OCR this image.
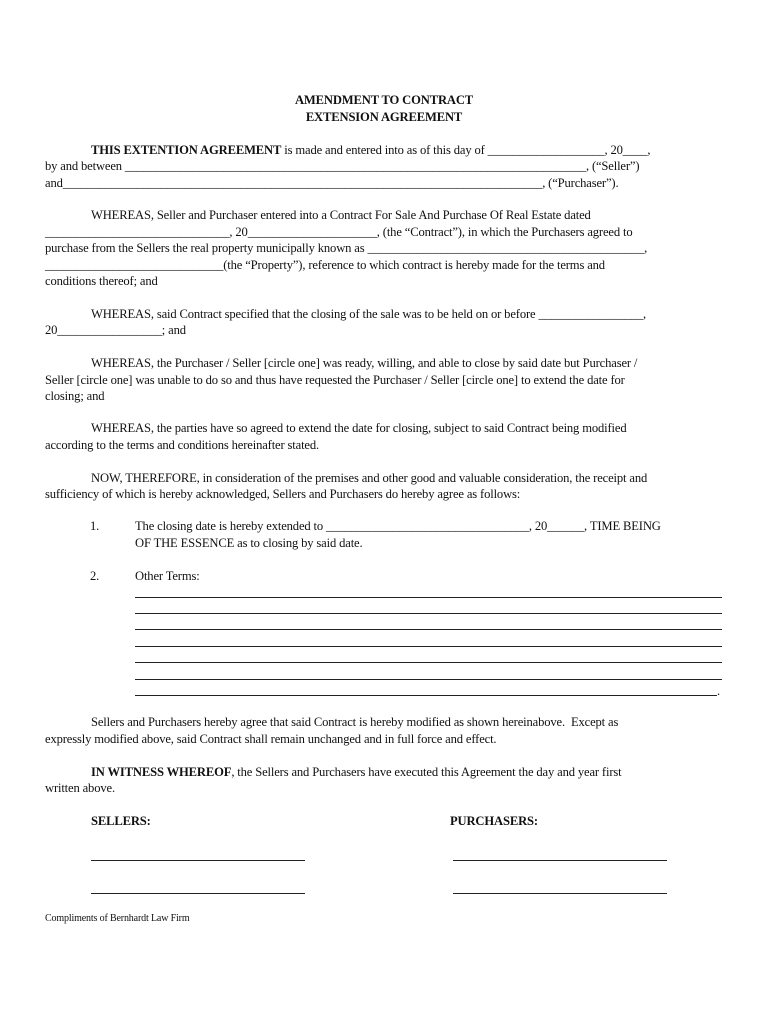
AMENDMENT TO CONTRACT
EXTENSION AGREEMENT
THIS EXTENTION AGREEMENT is made and entered into as of this day of ___________________, 20____,
by and between ___________________________________________________________________________, (“Seller”)
and______________________________________________________________________________, (“Purchaser”).
WHEREAS, Seller and Purchaser entered into a Contract For Sale And Purchase Of Real Estate dated
______________________________, 20_____________________, (the “Contract”), in which the Purchasers agreed to
purchase from the Sellers the real property municipally known as _____________________________________________,
_____________________________(the “Property”), reference to which contract is hereby made for the terms and
conditions thereof; and
WHEREAS, said Contract specified that the closing of the sale was to be held on or before _________________,
20_________________; and
WHEREAS, the Purchaser / Seller [circle one] was ready, willing, and able to close by said date but Purchaser /
Seller [circle one] was unable to do so and thus have requested the Purchaser / Seller [circle one] to extend the date for
closing; and
WHEREAS, the parties have so agreed to extend the date for closing, subject to said Contract being modified
according to the terms and conditions hereinafter stated.
NOW, THEREFORE, in consideration of the premises and other good and valuable consideration, the receipt and
sufficiency of which is hereby acknowledged, Sellers and Purchasers do hereby agree as follows:
1.	The closing date is hereby extended to _________________________________, 20______, TIME BEING
OF THE ESSENCE as to closing by said date.
2.	Other Terms:
.
Sellers and Purchasers hereby agree that said Contract is hereby modified as shown hereinabove.  Except as
expressly modified above, said Contract shall remain unchanged and in full force and effect.
IN WITNESS WHEREOF, the Sellers and Purchasers have executed this Agreement the day and year first
written above.
SELLERS:	PURCHASERS:
Compliments of Bernhardt Law Firm
